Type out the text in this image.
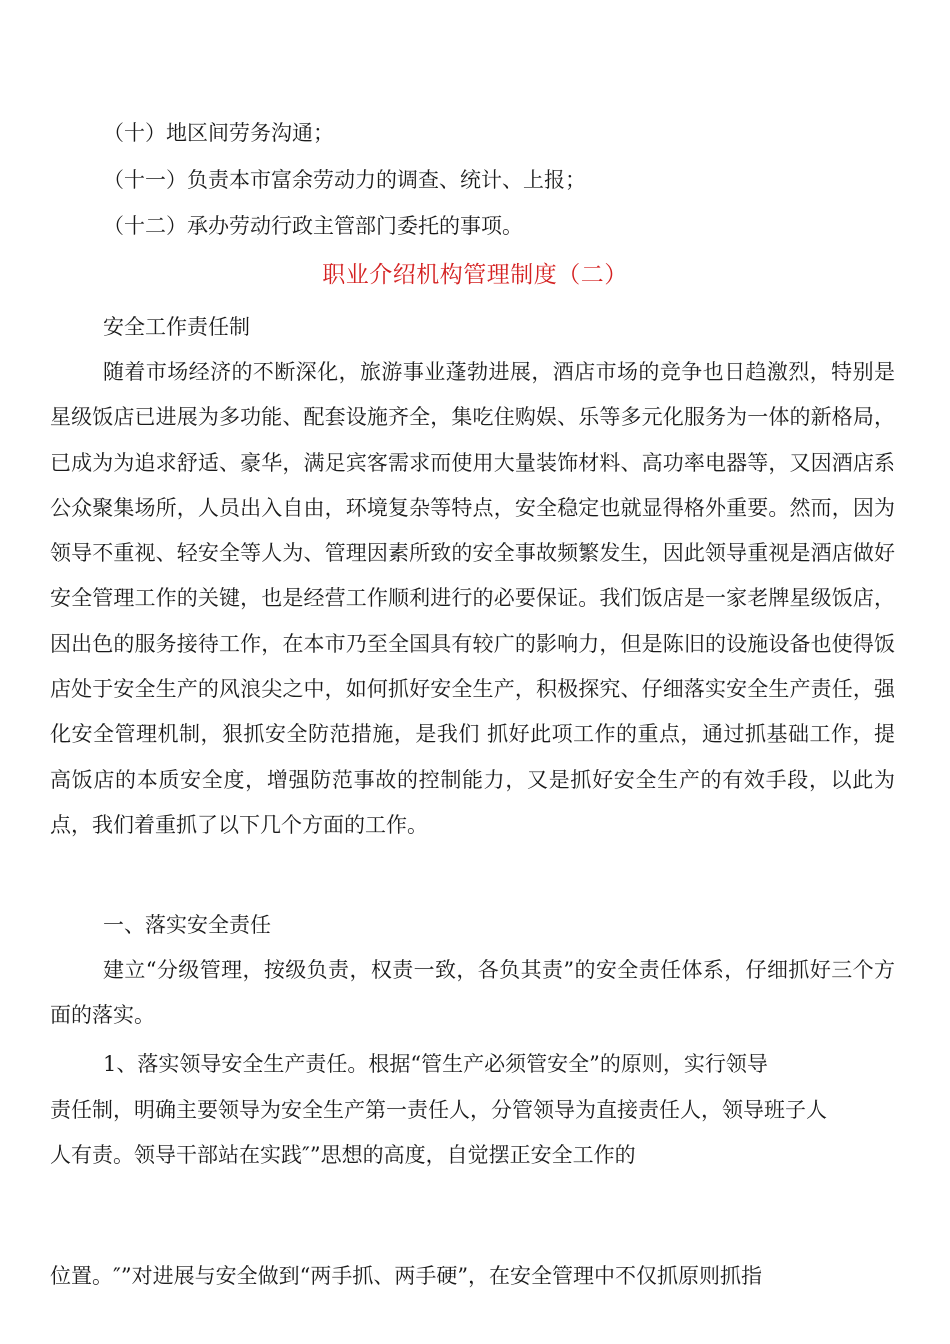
（十）地区间劳务沟通；
（十一）负责本市富余劳动力的调查、统计、上报；
（十二）承办劳动行政主管部门委托的事项。
职业介绍机构管理制度（二）
安全工作责任制

随着市场经济的不断深化，旅游事业蓬勃进展，酒店市场的竞争也日趋激烈，特别是星级饭店已进展为多功能、配套设施齐全，集吃住购娱、乐等多元化服务为一体的新格局，已成为为追求舒适、豪华，满足宾客需求而使用大量装饰材料、高功率电器等，又因酒店系公众聚集场所，人员出入自由，环境复杂等特点，安全稳定也就显得格外重要。然而，因为领导不重视、轻安全等人为、管理因素所致的安全事故频繁发生，因此领导重视是酒店做好安全管理工作的关键，也是经营工作顺利进行的必要保证。我们饭店是一家老牌星级饭店，因出色的服务接待工作，在本市乃至全国具有较广的影响力，但是陈旧的设施设备也使得饭店处于安全生产的风浪尖之中，如何抓好安全生产，积极探究、仔细落实安全生产责任，强化安全管理机制，狠抓安全防范措施，是我们 抓好此项工作的重点，通过抓基础工作，提高饭店的本质安全度，增强防范事故的控制能力，又是抓好安全生产的有效手段，以此为点，我们着重抓了以下几个方面的工作。

一、落实安全责任

建立“分级管理，按级负责，权责一致，各负其责”的安全责任体系，仔细抓好三个方面的落实。

1、落实领导安全生产责任。根据“管生产必须管安全”的原则，实行领导
责任制，明确主要领导为安全生产第一责任人，分管领导为直接责任人，领导班子人
人有责。领导干部站在实践″”思想的高度，自觉摆正安全工作的
位置。″”对进展与安全做到“两手抓、两手硬”，在安全管理中不仅抓原则抓指
